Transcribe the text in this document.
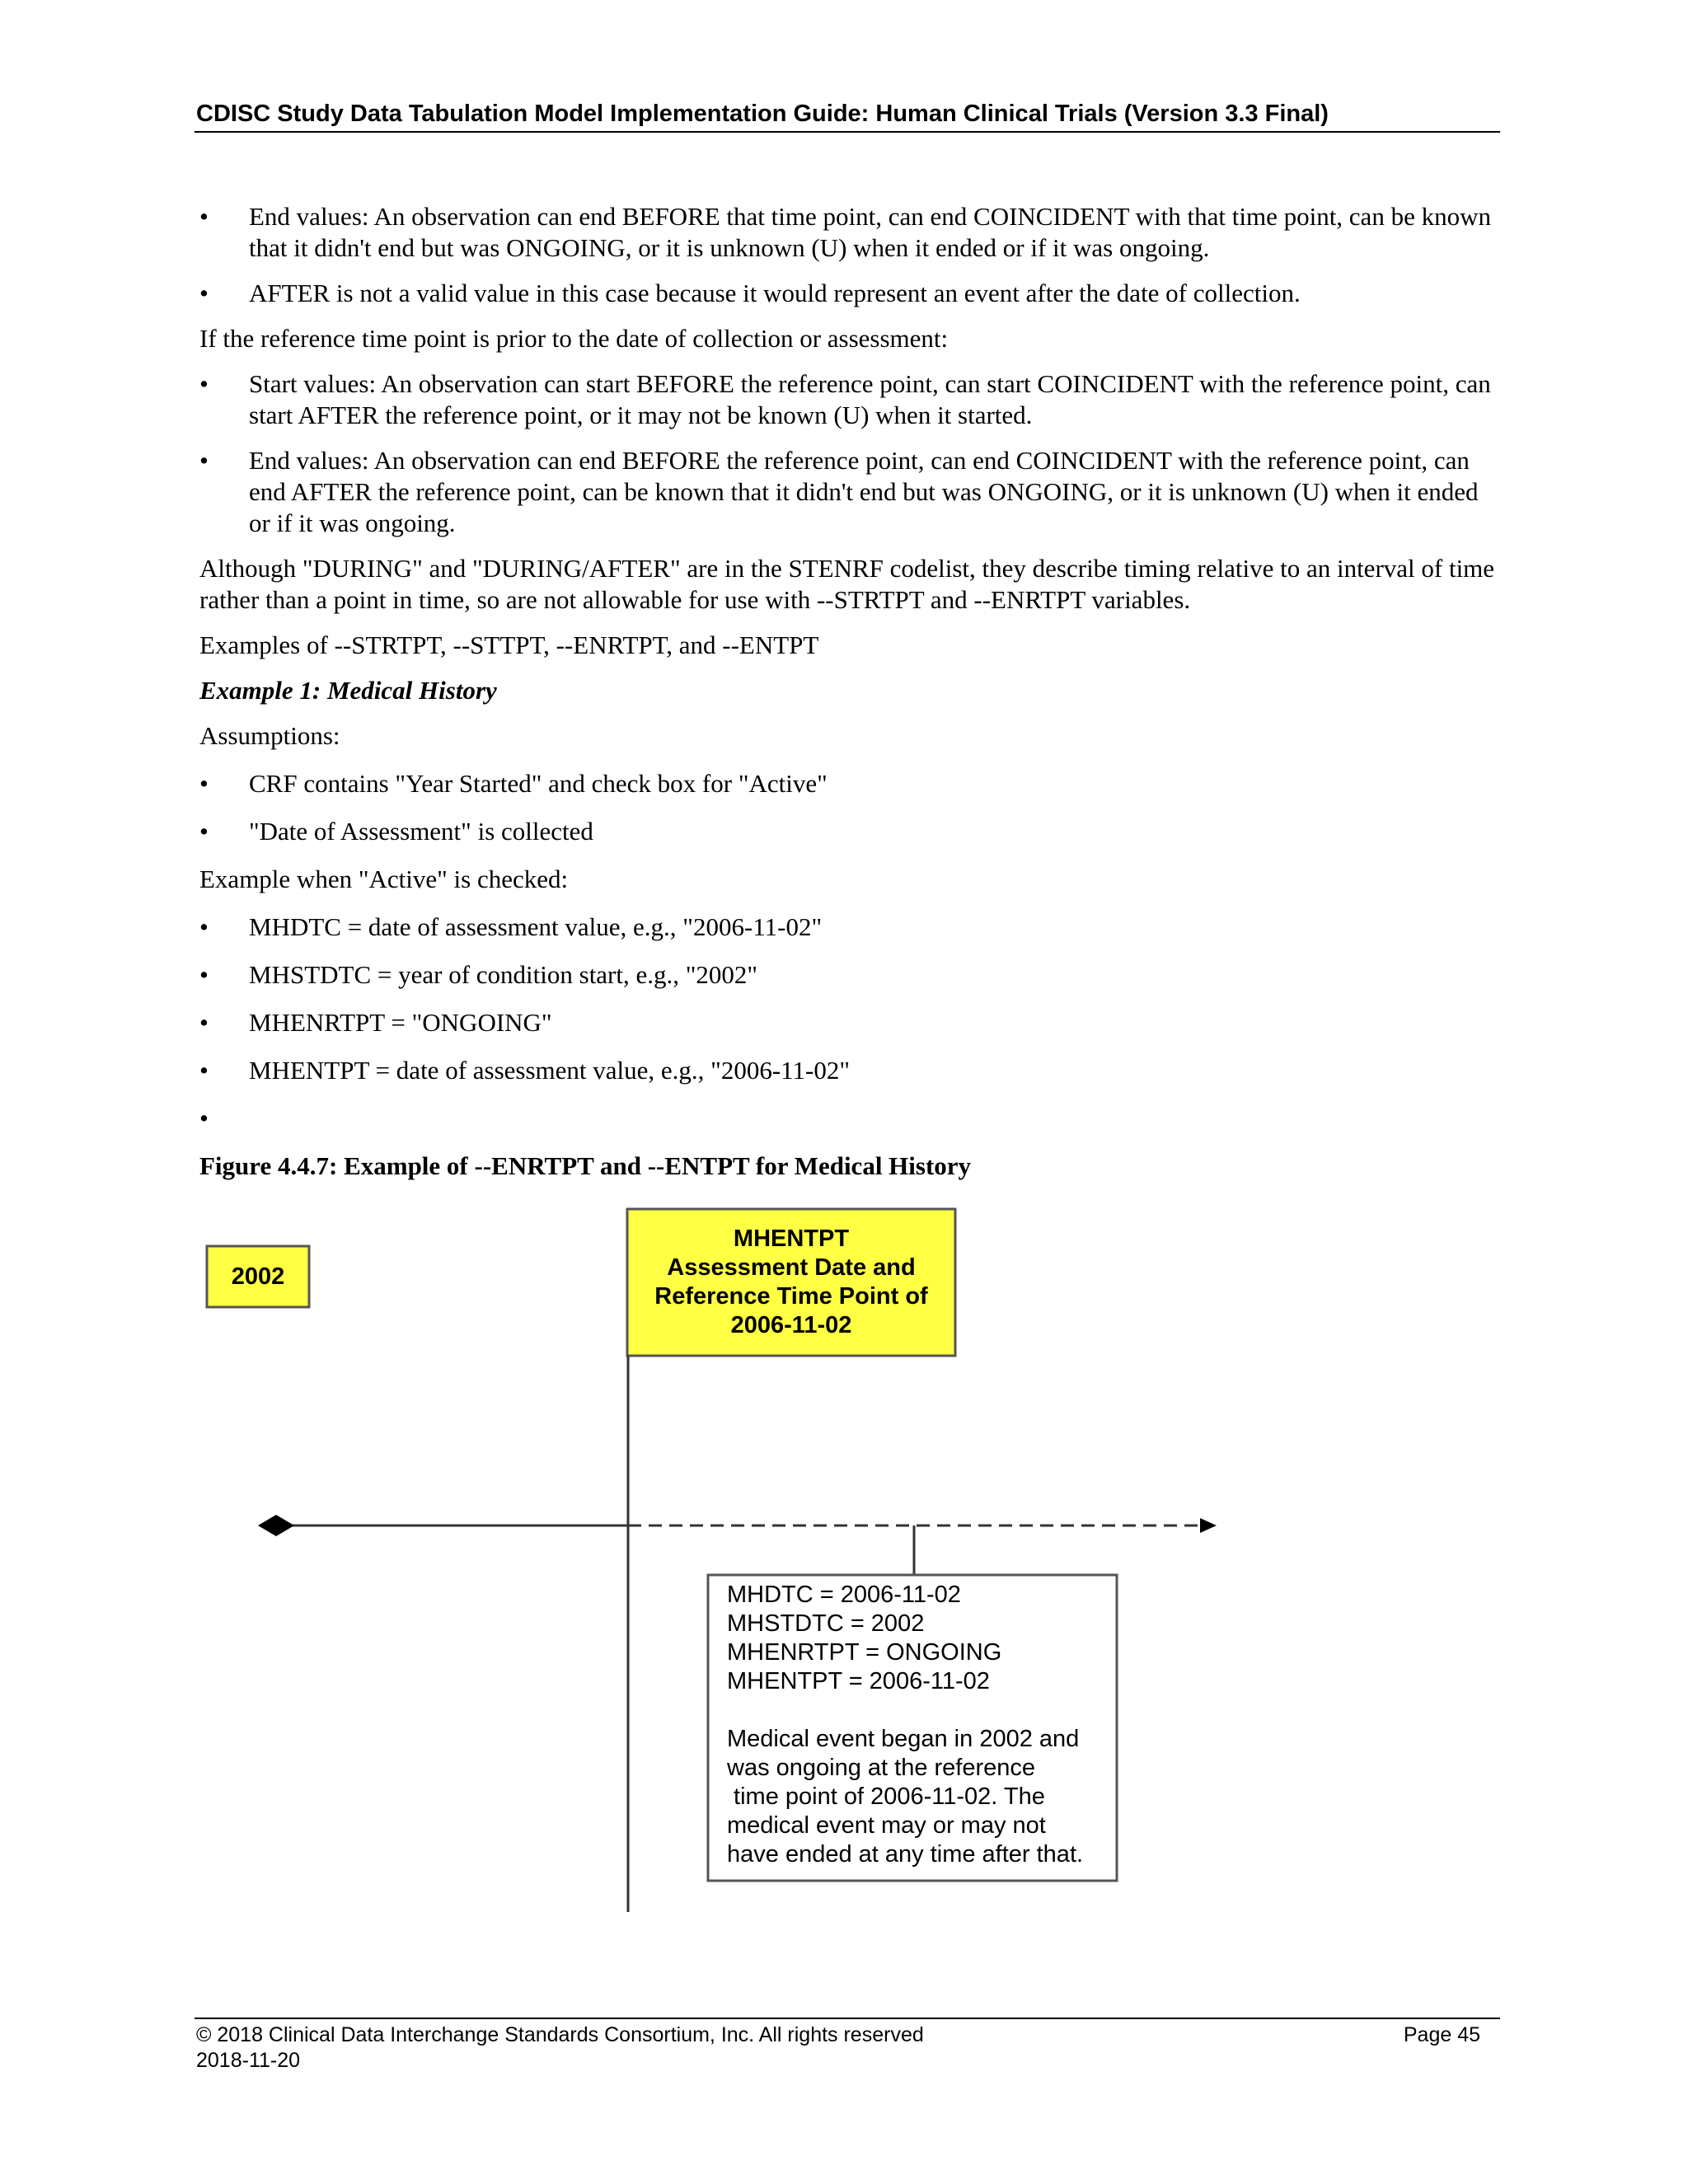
CDISC Study Data Tabulation Model Implementation Guide: Human Clinical Trials (Version 3.3 Final)

• End values: An observation can end BEFORE that time point, can end COINCIDENT with that time point, can be known that it didn't end but was ONGOING, or it is unknown (U) when it ended or if it was ongoing.

• AFTER is not a valid value in this case because it would represent an event after the date of collection.

If the reference time point is prior to the date of collection or assessment:

• Start values: An observation can start BEFORE the reference point, can start COINCIDENT with the reference point, can start AFTER the reference point, or it may not be known (U) when it started.

• End values: An observation can end BEFORE the reference point, can end COINCIDENT with the reference point, can end AFTER the reference point, can be known that it didn't end but was ONGOING, or it is unknown (U) when it ended or if it was ongoing.

Although "DURING" and "DURING/AFTER" are in the STENRF codelist, they describe timing relative to an interval of time rather than a point in time, so are not allowable for use with --STRTPT and --ENRTPT variables.

Examples of --STRTPT, --STTPT, --ENRTPT, and --ENTPT

Example 1: Medical History

Assumptions:

• CRF contains "Year Started" and check box for "Active"

• "Date of Assessment" is collected

Example when "Active" is checked:

• MHDTC = date of assessment value, e.g., "2006-11-02"

• MHSTDTC = year of condition start, e.g., "2002"

• MHENRTPT = "ONGOING"

• MHENTPT = date of assessment value, e.g., "2006-11-02"

•

Figure 4.4.7: Example of --ENRTPT and --ENTPT for Medical History

2002
MHENTPT
Assessment Date and
Reference Time Point of
2006-11-02
MHDTC = 2006-11-02
MHSTDTC = 2002
MHENRTPT = ONGOING
MHENTPT = 2006-11-02

Medical event began in 2002 and
was ongoing at the reference
time point of 2006-11-02. The
medical event may or may not
have ended at any time after that.
© 2018 Clinical Data Interchange Standards Consortium, Inc. All rights reserved
2018-11-20
Page 45
